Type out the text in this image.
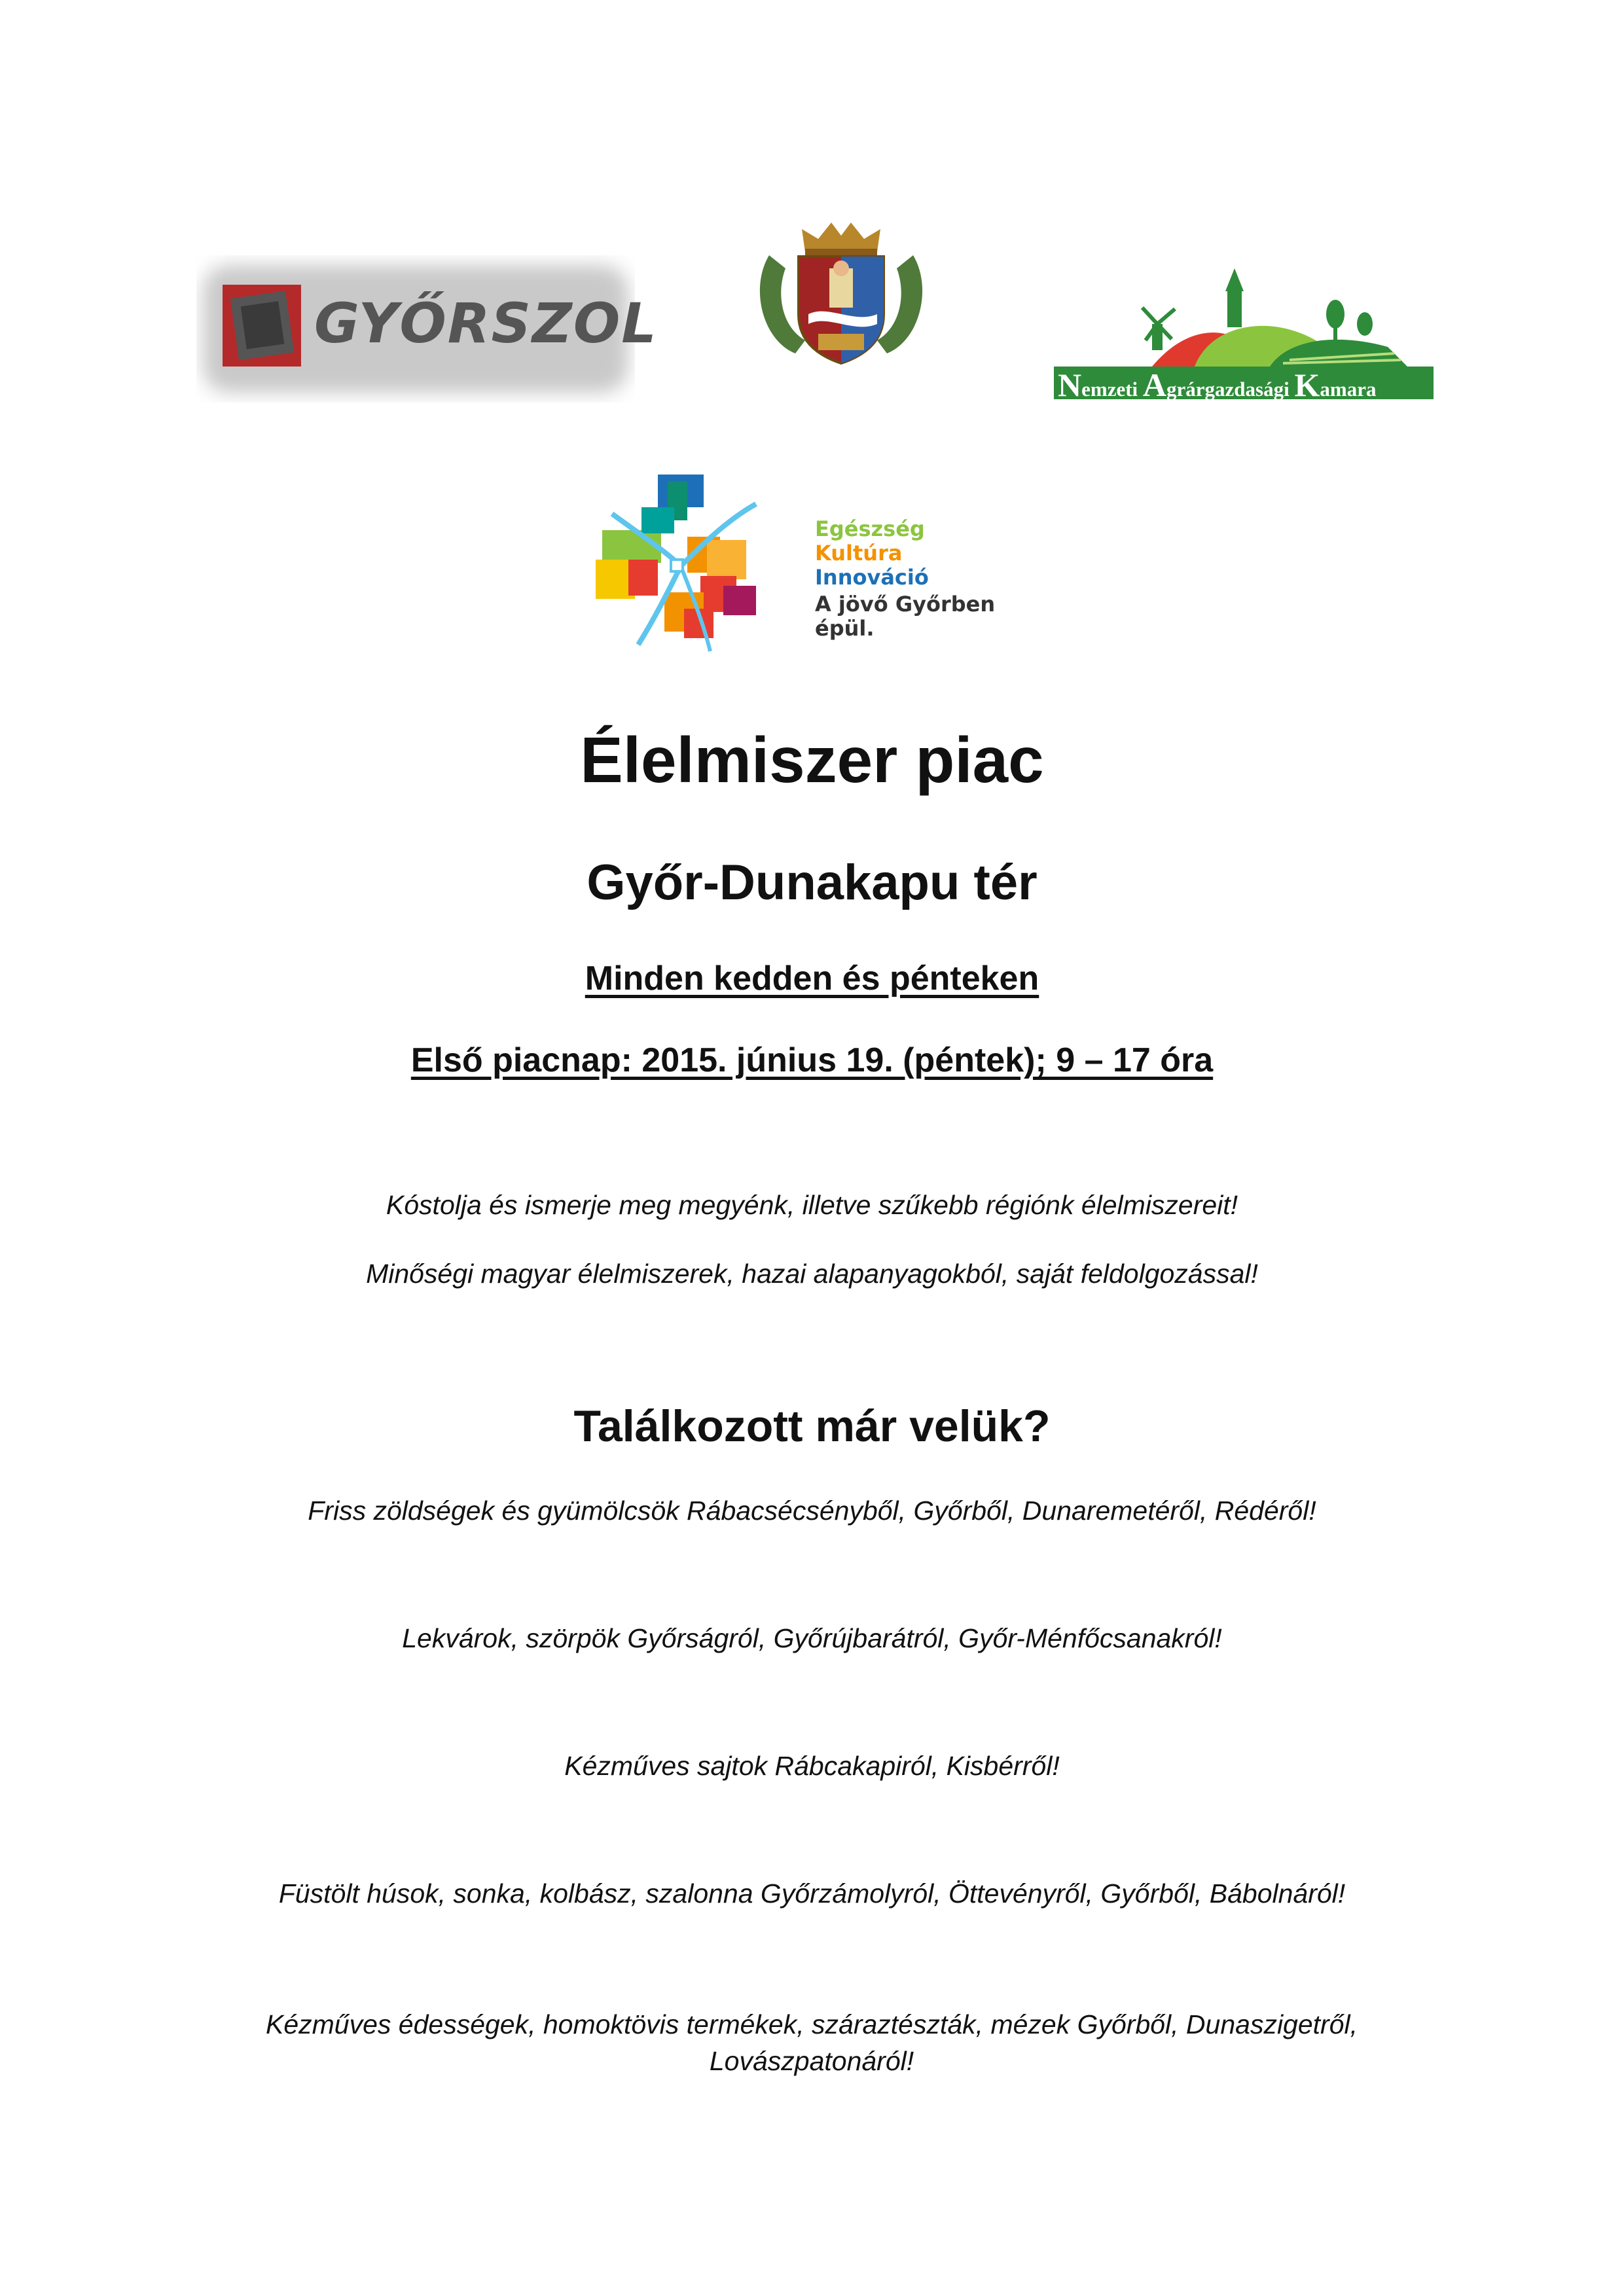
GYŐRSZOL
Nemzeti Agrárgazdasági Kamara
Egészség
Kultúra
Innováció
A jövő Győrben épül.
Élelmiszer piac
Győr-Dunakapu tér
Minden kedden és pénteken
Első piacnap: 2015. június 19. (péntek); 9 – 17 óra
Kóstolja és ismerje meg megyénk, illetve szűkebb régiónk élelmiszereit!
Minőségi magyar élelmiszerek, hazai alapanyagokból, saját feldolgozással!
Találkozott már velük?
Friss zöldségek és gyümölcsök Rábacsécsényből, Győrből, Dunaremetéről, Rédéről!
Lekvárok, szörpök Győrságról, Győrújbarátról, Győr-Ménfőcsanakról!
Kézműves sajtok Rábcakapiról, Kisbérről!
Füstölt húsok, sonka, kolbász, szalonna Győrzámolyról, Öttevényről, Győrből, Bábolnáról!
Kézműves édességek, homoktövis termékek, száraztészták, mézek Győrből, Dunaszigetről, Lovászpatonáról!
